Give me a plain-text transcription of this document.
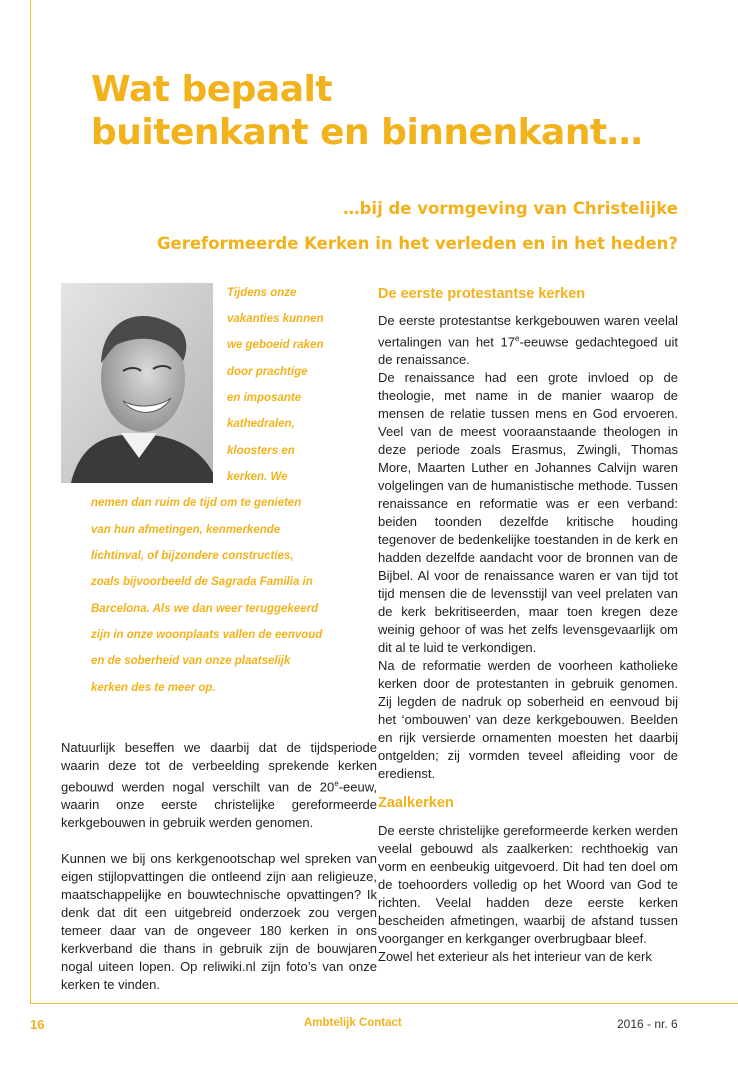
Wat bepaalt
buitenkant en binnenkant…
…bij de vormgeving van Christelijke
Gereformeerde Kerken in het verleden en in het heden?
Tijdens onze
vakanties kunnen
we geboeid raken
door prachtige
en imposante
kathedralen,
kloosters en
kerken. We
nemen dan ruim de tijd om te genieten
van hun afmetingen, kenmerkende
lichtinval, of bijzondere constructies,
zoals bijvoorbeeld de Sagrada Familia in
Barcelona. Als we dan weer teruggekeerd
zijn in onze woonplaats vallen de eenvoud
en de soberheid van onze plaatselijk
kerken des te meer op.

Natuurlijk beseffen we daarbij dat de tijdsperiode waarin deze tot de verbeelding sprekende kerken gebouwd werden nogal verschilt van de 20e-eeuw, waarin onze eerste christelijke gereformeerde kerkgebouwen in gebruik werden genomen.

Kunnen we bij ons kerkgenootschap wel spreken van eigen stijlopvattingen die ontleend zijn aan religieuze, maatschappelijke en bouwtechnische opvattingen? Ik denk dat dit een uitgebreid onderzoek zou vergen temeer daar van de ongeveer 180 kerken in ons kerkverband die thans in gebruik zijn de bouwjaren nogal uiteen lopen. Op reliwiki.nl zijn foto’s van onze kerken te vinden.

De eerste protestantse kerken

De eerste protestantse kerkgebouwen waren veelal vertalingen van het 17e-eeuwse gedachtegoed uit de renaissance.

De renaissance had een grote invloed op de theologie, met name in de manier waarop de mensen de relatie tussen mens en God ervoeren. Veel van de meest vooraanstaande theologen in deze periode zoals Erasmus, Zwingli, Thomas More, Maarten Luther en Johannes Calvijn waren volgelingen van de humanistische methode. Tussen renaissance en reformatie was er een verband: beiden toonden dezelfde kritische houding tegenover de bedenkelijke toestanden in de kerk en hadden dezelfde aandacht voor de bronnen van de Bijbel. Al voor de renaissance waren er van tijd tot tijd mensen die de levensstijl van veel prelaten van de kerk bekritiseerden, maar toen kregen deze weinig gehoor of was het zelfs levensgevaarlijk om dit al te luid te verkondigen.

Na de reformatie werden de voorheen katholieke kerken door de protestanten in gebruik genomen. Zij legden de nadruk op soberheid en eenvoud bij het ‘ombouwen’ van deze kerkgebouwen. Beelden en rijk versierde ornamenten moesten het daarbij ontgelden; zij vormden teveel afleiding voor de eredienst.

Zaalkerken

De eerste christelijke gereformeerde kerken werden veelal gebouwd als zaalkerken: rechthoekig van vorm en eenbeukig uitgevoerd. Dit had ten doel om de toehoorders volledig op het Woord van God te richten. Veelal hadden deze eerste kerken bescheiden afmetingen, waarbij de afstand tussen voorganger en kerkganger overbrugbaar bleef.

Zowel het exterieur als het interieur van de kerk

16	Ambtelijk Contact	2016 - nr. 6
